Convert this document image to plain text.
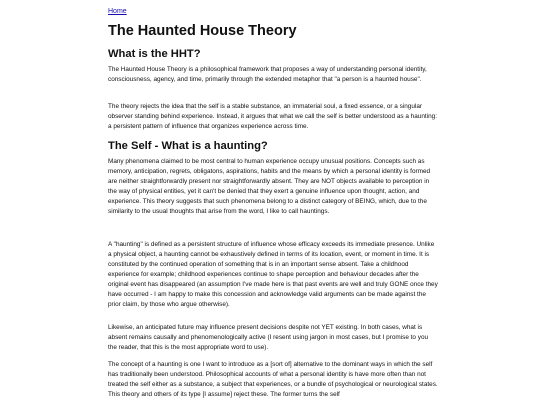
Home
The Haunted House Theory
What is the HHT?

The Haunted House Theory is a philosophical framework that proposes a way of understanding personal identity, consciousness, agency, and time, primarily through the extended metaphor that "a person is a haunted house".

The theory rejects the idea that the self is a stable substance, an immaterial soul, a fixed essence, or a singular observer standing behind experience. Instead, it argues that what we call the self is better understood as a haunting: a persistent pattern of influence that organizes experience across time.

The Self - What is a haunting?

Many phenomena claimed to be most central to human experience occupy unusual positions. Concepts such as memory, anticipation, regrets, obligatons, aspirations, habits and the means by which a personal identity is formed are neither straightforwardly present nor straightforwardly absent. They are NOT objects available to perception in the way of physical entities, yet it can't be denied that they exert a genuine influence upon thought, action, and experience. This theory suggests that such phenomena belong to a distinct category of BEING, which, due to the similarity to the usual thoughts that arise from the word, I like to call hauntings.

A "haunting" is defined as a persistent structure of influence whose efficacy exceeds its immediate presence. Unlike a physical object, a haunting cannot be exhaustively defined in terms of its location, event, or moment in time. It is constituted by the continued operation of something that is in an important sense absent. Take a childhood experience for example; childhood experiences continue to shape perception and behaviour decades after the original event has disappeared (an assumption I've made here is that past events are well and truly GONE once they have occurred - I am happy to make this concession and acknowledge valid arguments can be made against the prior claim, by those who argue otherwise).

Likewise, an anticipated future may influence present decisions despite not YET existing. In both cases, what is absent remains causally and phenomenologically active (I resent using jargon in most cases, but I promise to you the reader, that this is the most appropriate word to use).

The concept of a haunting is one I want to introduce as a [sort of] alternative to the dominant ways in which the self has traditionally been understood. Philosophical accounts of what a personal identity is have more often than not treated the self either as a substance, a subject that experiences, or a bundle of psychological or neurological states. This theory and others of its type [I assume] reject these. The former turns the self
